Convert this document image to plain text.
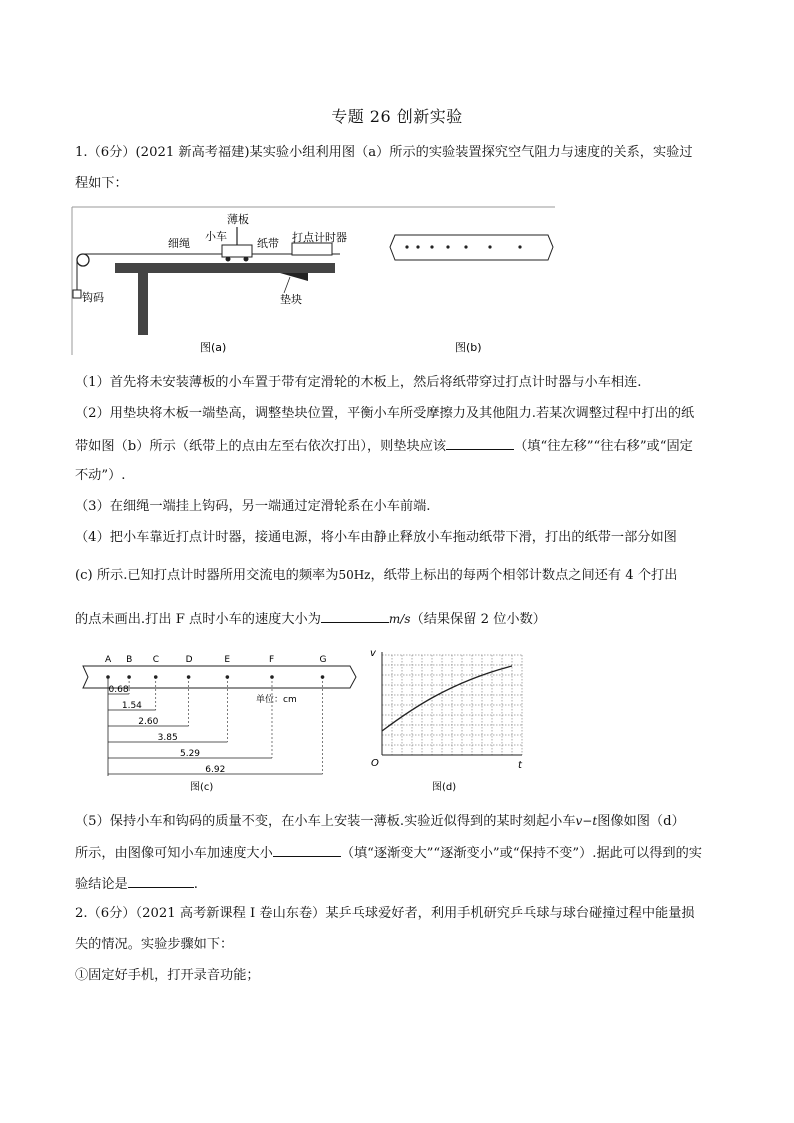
专题 26 创新实验
1.（6分）(2021 新高考福建)某实验小组利用图（a）所示的实验装置探究空气阻力与速度的关系，实验过
程如下：
薄板
小车
细绳	纸带 打点计时器
钩码	垫块
图(a)	图(b)
（1）首先将未安装薄板的小车置于带有定滑轮的木板上，然后将纸带穿过打点计时器与小车相连.
（2）用垫块将木板一端垫高，调整垫块位置，平衡小车所受摩擦力及其他阻力.若某次调整过程中打出的纸
带如图（b）所示（纸带上的点由左至右依次打出），则垫块应该	（填“往左移”“往右移”或“固定
不动”）.
（3）在细绳一端挂上钩码，另一端通过定滑轮系在小车前端.
（4）把小车靠近打点计时器，接通电源，将小车由静止释放小车拖动纸带下滑，打出的纸带一部分如图
(c) 所示.已知打点计时器所用交流电的频率为50Hz，纸带上标出的每两个相邻计数点之间还有 4 个打出
的点未画出.打出 F 点时小车的速度大小为	m/s（结果保留 2 位小数）
A B C	D	E	F	G
0.68
1.54
2.60
3.85
5.29
6.92
单位：cm
图(c)
v
t
O
图(d)
（5）保持小车和钩码的质量不变，在小车上安装一薄板.实验近似得到的某时刻起小车v−t图像如图（d）
所示，由图像可知小车加速度大小	（填“逐渐变大”“逐渐变小”或“保持不变”）.据此可以得到的实
验结论是	.
2.（6分）（2021 高考新课程 I 卷山东卷）某乒乓球爱好者，利用手机研究乒乓球与球台碰撞过程中能量损
失的情况。实验步骤如下：
①固定好手机，打开录音功能；
